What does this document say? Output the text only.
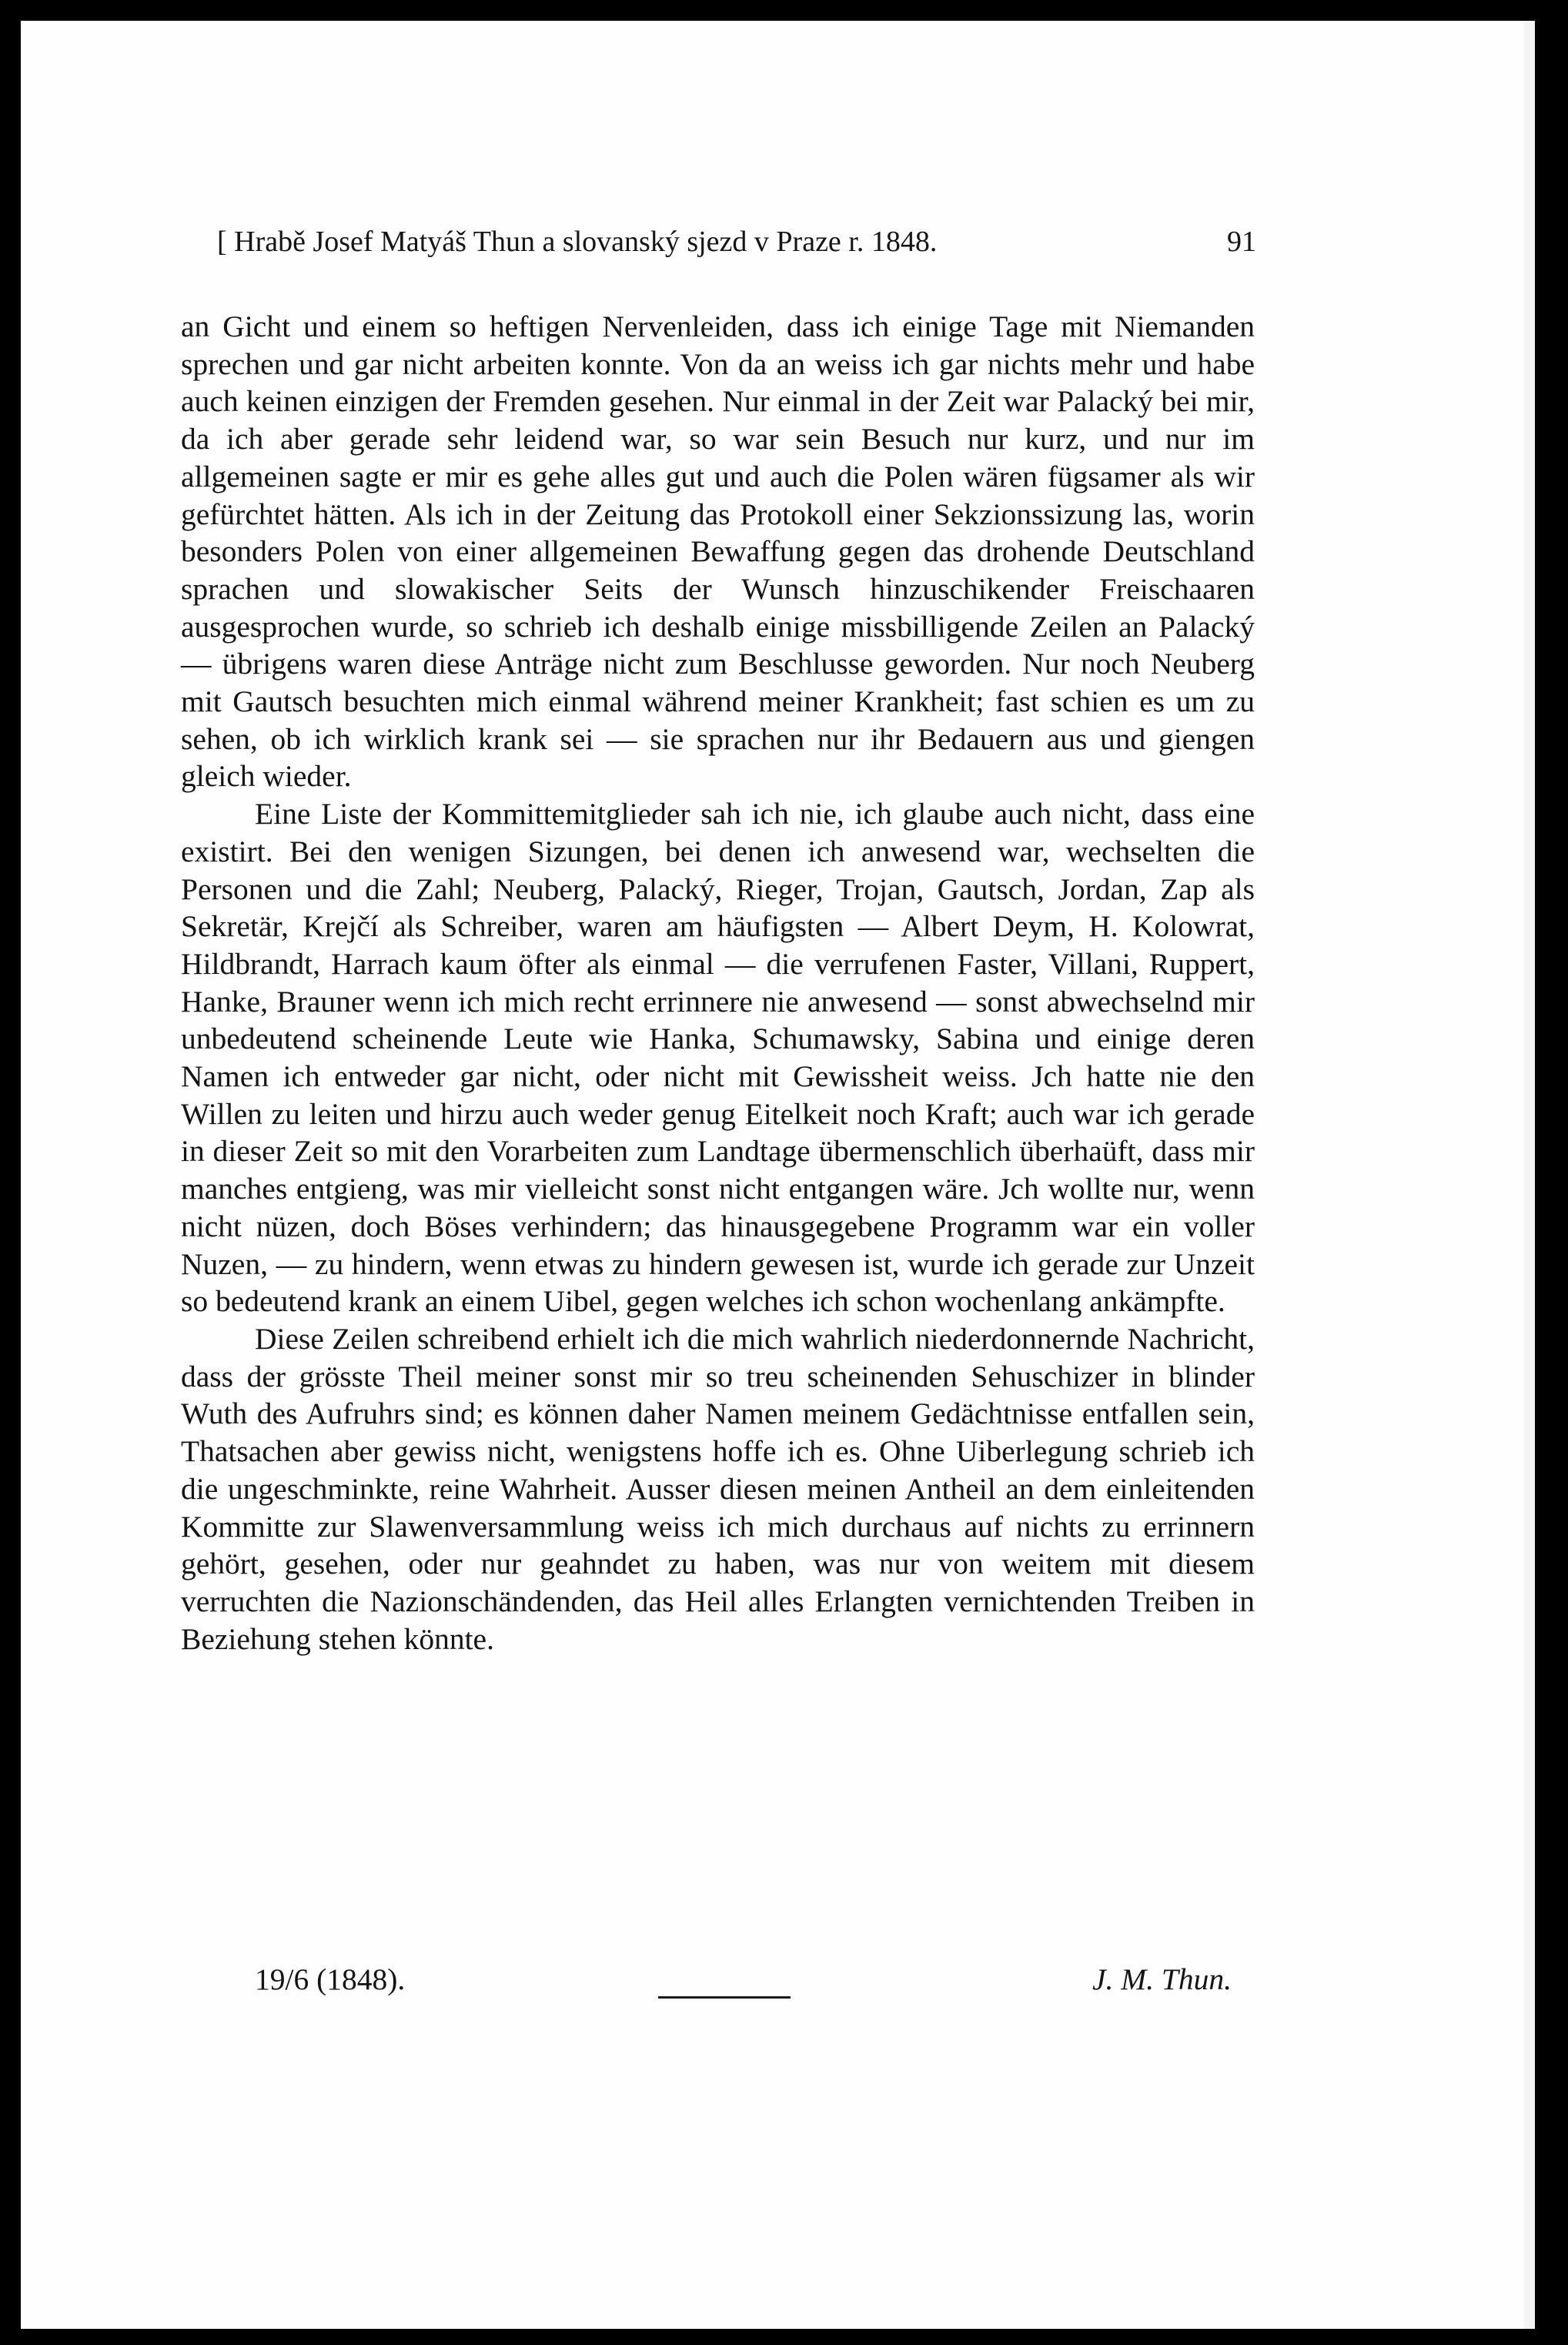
[ Hrabě Josef Matyáš Thun a slovanský sjezd v Praze r. 1848.	91

an Gicht und einem so heftigen Nervenleiden, dass ich einige Tage mit Niemanden sprechen und gar nicht arbeiten konnte. Von da an weiss ich gar nichts mehr und habe auch keinen einzigen der Fremden gesehen. Nur einmal in der Zeit war Palacký bei mir, da ich aber gerade sehr leidend war, so war sein Besuch nur kurz, und nur im allgemeinen sagte er mir es gehe alles gut und auch die Polen wären fügsamer als wir gefürchtet hätten. Als ich in der Zeitung das Protokoll einer Sekzionssizung las, worin besonders Polen von einer allgemeinen Bewaffung gegen das drohende Deutschland sprachen und slowakischer Seits der Wunsch hinzuschikender Freischaaren ausgesprochen wurde, so schrieb ich deshalb einige missbilligende Zeilen an Palacký — übrigens waren diese Anträge nicht zum Beschlusse geworden. Nur noch Neuberg mit Gautsch besuchten mich einmal während meiner Krankheit; fast schien es um zu sehen, ob ich wirklich krank sei — sie sprachen nur ihr Bedauern aus und giengen gleich wieder.

Eine Liste der Kommittemitglieder sah ich nie, ich glaube auch nicht, dass eine existirt. Bei den wenigen Sizungen, bei denen ich anwesend war, wechselten die Personen und die Zahl; Neuberg, Palacký, Rieger, Trojan, Gautsch, Jordan, Zap als Sekretär, Krejčí als Schreiber, waren am häufigsten — Albert Deym, H. Kolowrat, Hildbrandt, Harrach kaum öfter als einmal — die verrufenen Faster, Villani, Ruppert, Hanke, Brauner wenn ich mich recht errinnere nie anwesend — sonst abwechselnd mir unbedeutend scheinende Leute wie Hanka, Schumawsky, Sabina und einige deren Namen ich entweder gar nicht, oder nicht mit Gewissheit weiss. Jch hatte nie den Willen zu leiten und hirzu auch weder genug Eitelkeit noch Kraft; auch war ich gerade in dieser Zeit so mit den Vorarbeiten zum Landtage übermenschlich überhaüft, dass mir manches entgieng, was mir vielleicht sonst nicht entgangen wäre. Jch wollte nur, wenn nicht nüzen, doch Böses verhindern; das hinausgegebene Programm war ein voller Nuzen, — zu hindern, wenn etwas zu hindern gewesen ist, wurde ich gerade zur Unzeit so bedeutend krank an einem Uibel, gegen welches ich schon wochenlang ankämpfte.

Diese Zeilen schreibend erhielt ich die mich wahrlich niederdonnernde Nachricht, dass der grösste Theil meiner sonst mir so treu scheinenden Sehuschizer in blinder Wuth des Aufruhrs sind; es können daher Namen meinem Gedächtnisse entfallen sein, Thatsachen aber gewiss nicht, wenigstens hoffe ich es. Ohne Uiberlegung schrieb ich die ungeschminkte, reine Wahrheit. Ausser diesen meinen Antheil an dem einleitenden Kommitte zur Slawenversammlung weiss ich mich durchaus auf nichts zu errinnern gehört, gesehen, oder nur geahndet zu haben, was nur von weitem mit diesem verruchten die Nazionschändenden, das Heil alles Erlangten vernichtenden Treiben in Beziehung stehen könnte.

19/6 (1848).	J. M. Thun.
